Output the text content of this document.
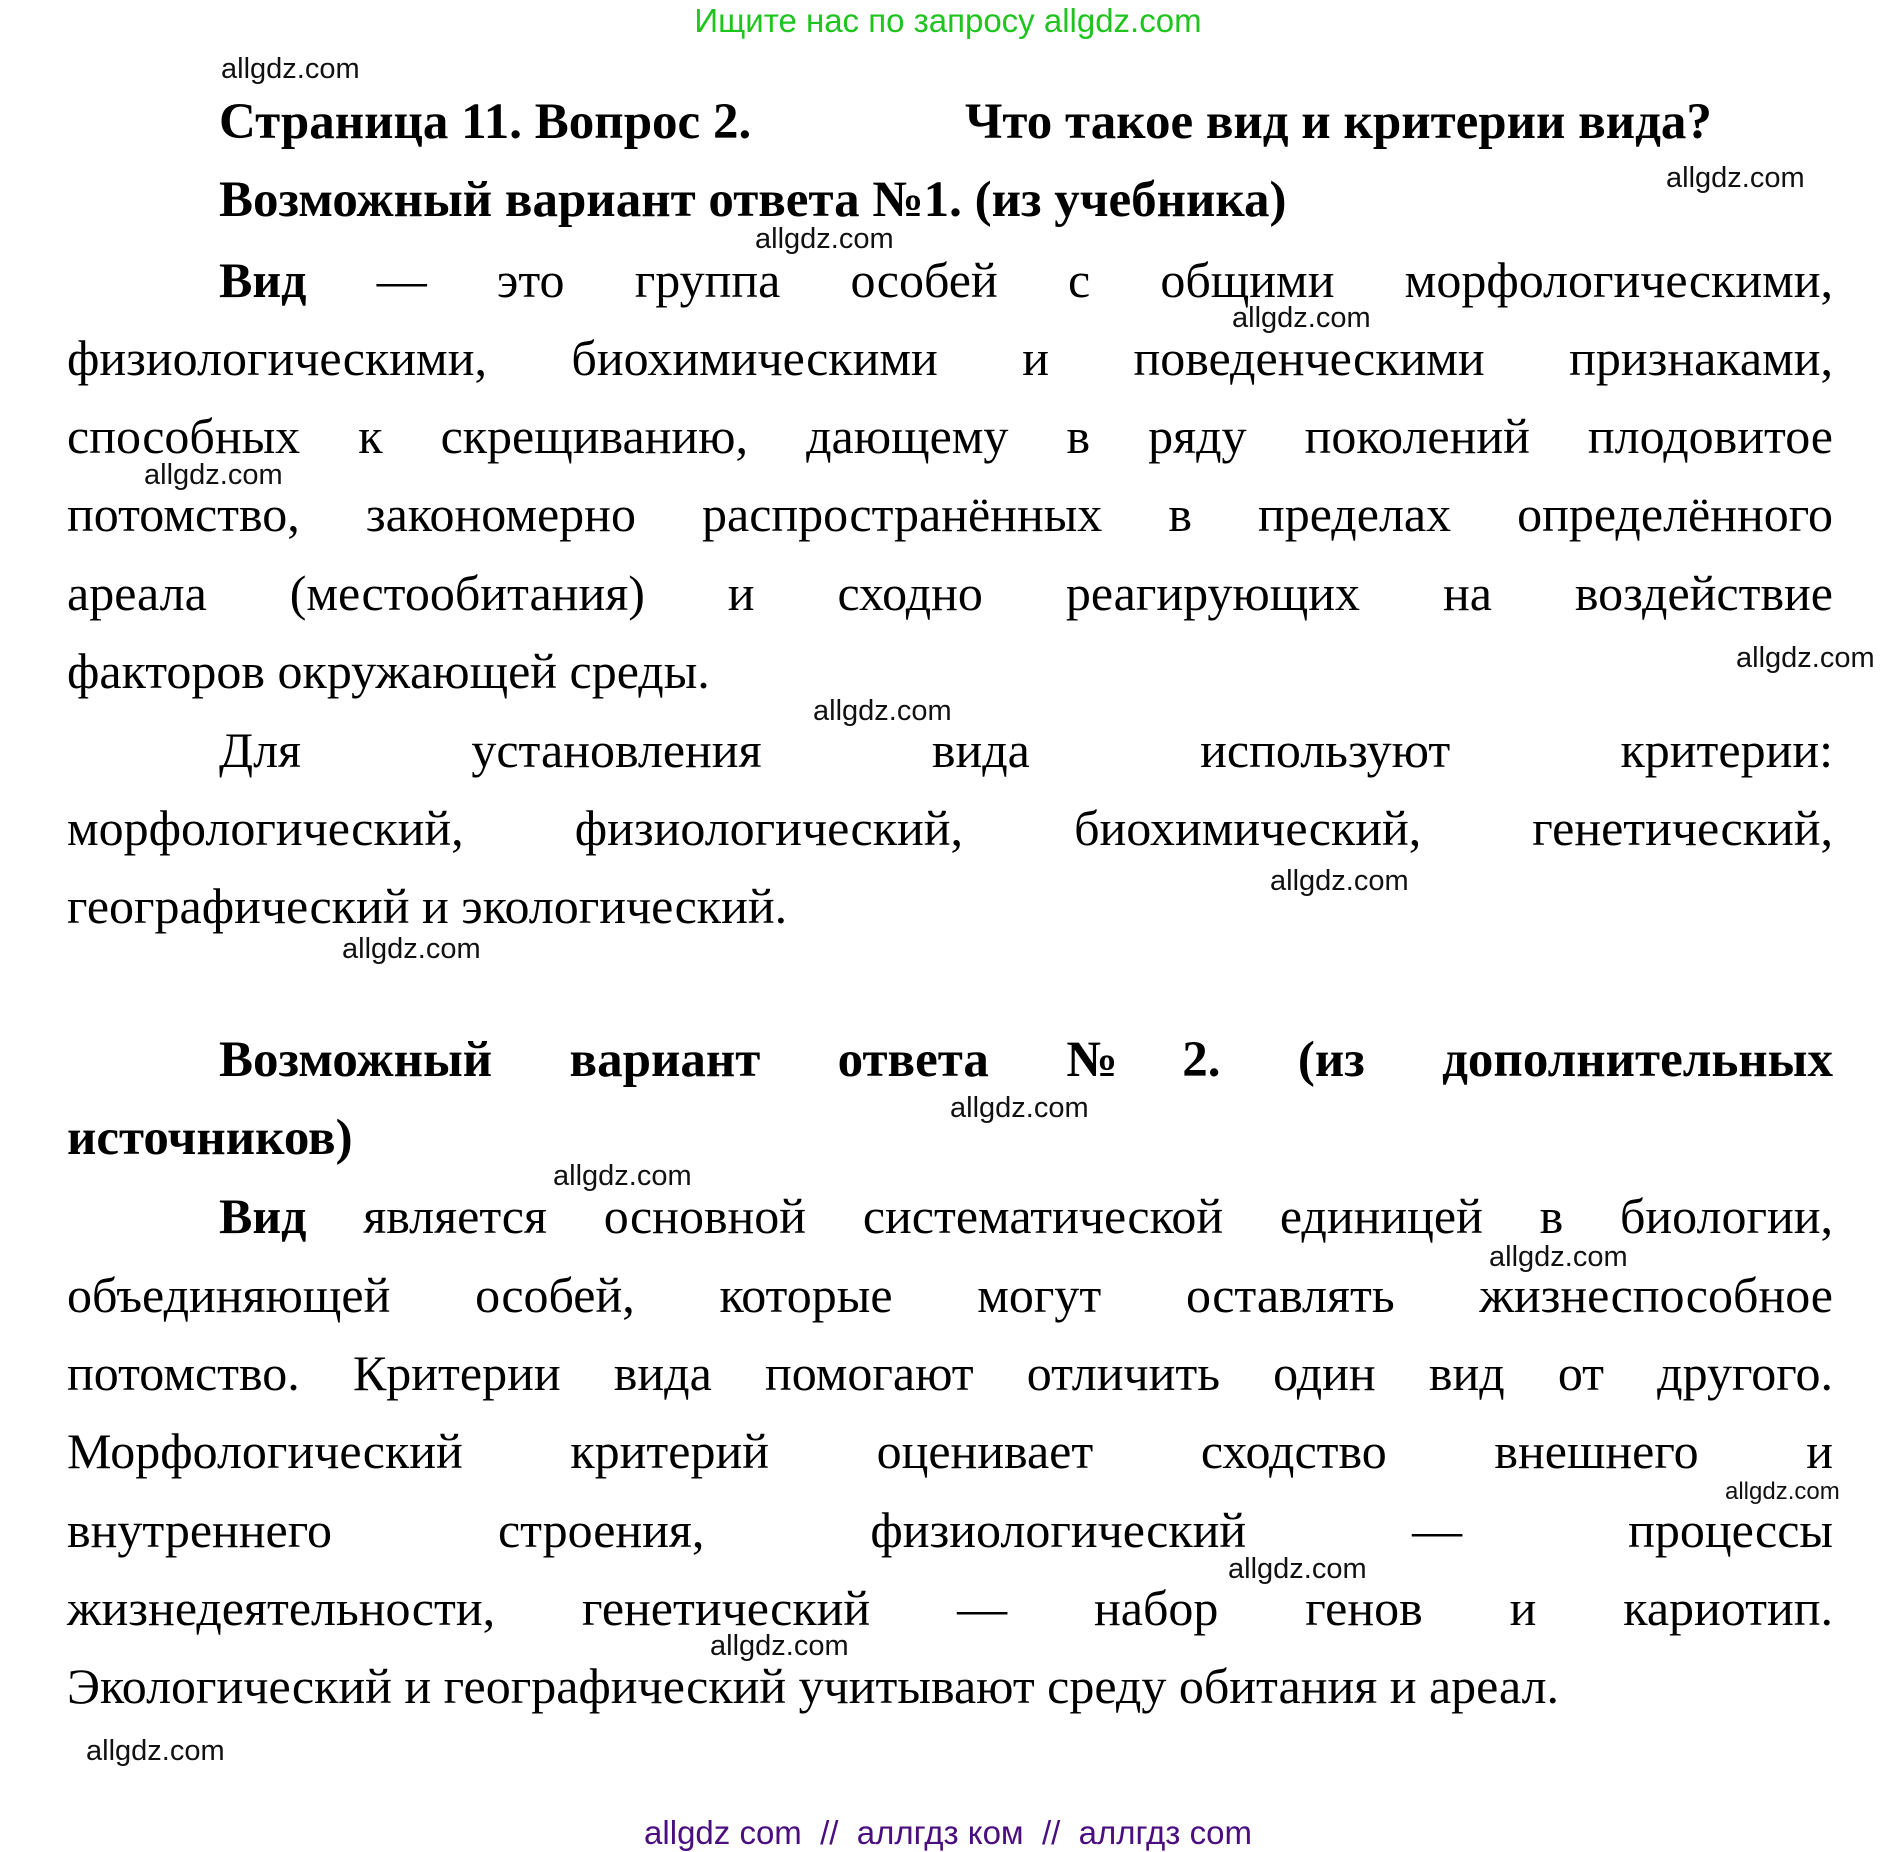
Ищите нас по запросу allgdz.com
Страница 11. Вопрос 2.	Что такое вид и критерии вида?
Возможный вариант ответа №1. (из учебника)
Вид — это группа особей с общими морфологическими,
физиологическими, биохимическими и поведенческими признаками,
способных к скрещиванию, дающему в ряду поколений плодовитое
потомство, закономерно распространённых в пределах определённого
ареала (местообитания) и сходно реагирующих на воздействие
факторов окружающей среды.
Для установления вида используют критерии:
морфологический, физиологический, биохимический, генетический,
географический и экологический.
Возможный вариант ответа №2. (из дополнительных
источников)
Вид является основной систематической единицей в биологии,
объединяющей особей, которые могут оставлять жизнеспособное
потомство. Критерии вида помогают отличить один вид от другого.
Морфологический критерий оценивает сходство внешнего и
внутреннего строения, физиологический — процессы
жизнедеятельности, генетический — набор генов и кариотип.
Экологический и географический учитывают среду обитания и ареал.
allgdz.com
allgdz.com
allgdz.com
allgdz.com
allgdz.com
allgdz.com
allgdz.com
allgdz.com
allgdz.com
allgdz.com
allgdz.com
allgdz.com
allgdz.com
allgdz.com
allgdz.com
allgdz.com
allgdz com  //  аллгдз ком  //  аллгдз com
